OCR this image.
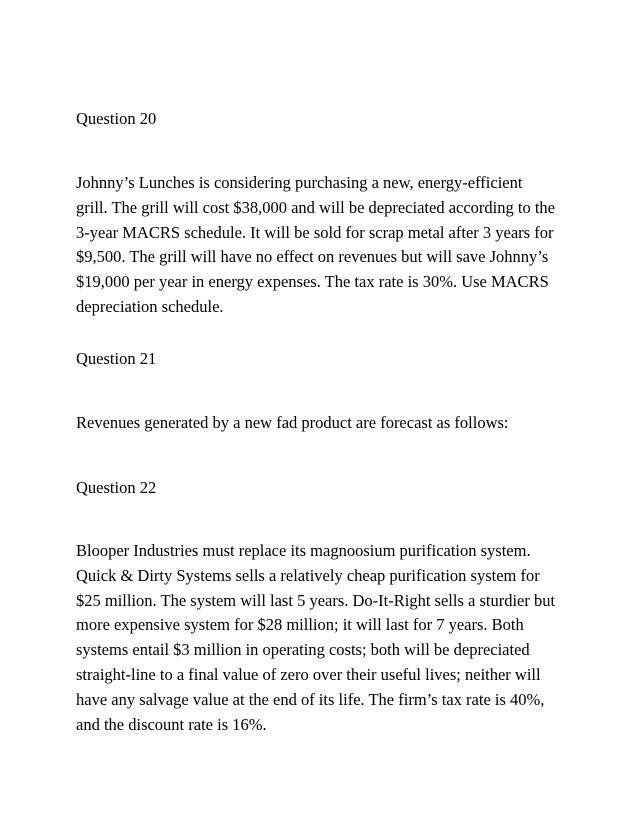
Question 20
Johnny’s Lunches is considering purchasing a new, energy-efficient
grill. The grill will cost $38,000 and will be depreciated according to the
3-year MACRS schedule. It will be sold for scrap metal after 3 years for
$9,500. The grill will have no effect on revenues but will save Johnny’s
$19,000 per year in energy expenses. The tax rate is 30%. Use MACRS
depreciation schedule.
Question 21
Revenues generated by a new fad product are forecast as follows:
Question 22
Blooper Industries must replace its magnoosium purification system.
Quick & Dirty Systems sells a relatively cheap purification system for
$25 million. The system will last 5 years. Do-It-Right sells a sturdier but
more expensive system for $28 million; it will last for 7 years. Both
systems entail $3 million in operating costs; both will be depreciated
straight-line to a final value of zero over their useful lives; neither will
have any salvage value at the end of its life. The firm’s tax rate is 40%,
and the discount rate is 16%.
